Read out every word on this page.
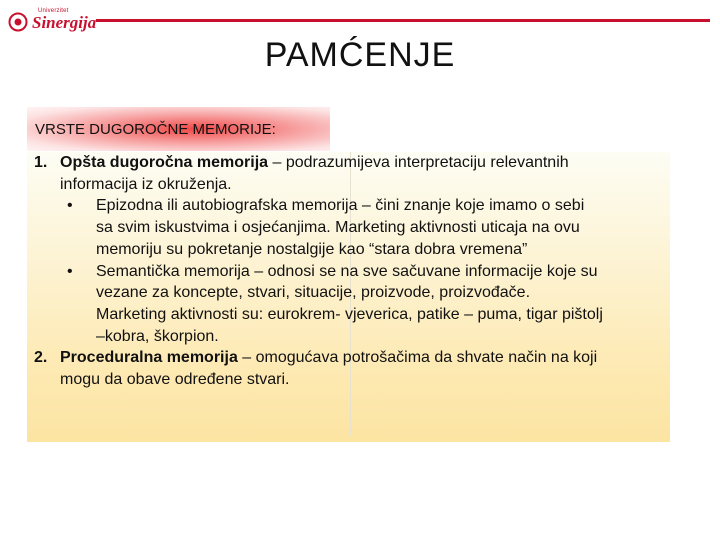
Univerzitet
Sinergija
PAMĆENJE
VRSTE DUGOROČNE MEMORIJE:
1. Opšta dugoročna memorija – podrazumijeva interpretaciju relevantnih
informacija iz okruženja.
• Epizodna ili autobiografska memorija – čini znanje koje imamo o sebi
sa svim iskustvima i osjećanjima. Marketing aktivnosti uticaja na ovu
memoriju su pokretanje nostalgije kao “stara dobra vremena”
• Semantička memorija – odnosi se na sve sačuvane informacije koje su
vezane za koncepte, stvari, situacije, proizvode, proizvođače.
Marketing aktivnosti su: eurokrem- vjeverica, patike – puma, tigar pištolj
–kobra, škorpion.
2. Proceduralna memorija – omogućava potrošačima da shvate način na koji
mogu da obave određene stvari.
